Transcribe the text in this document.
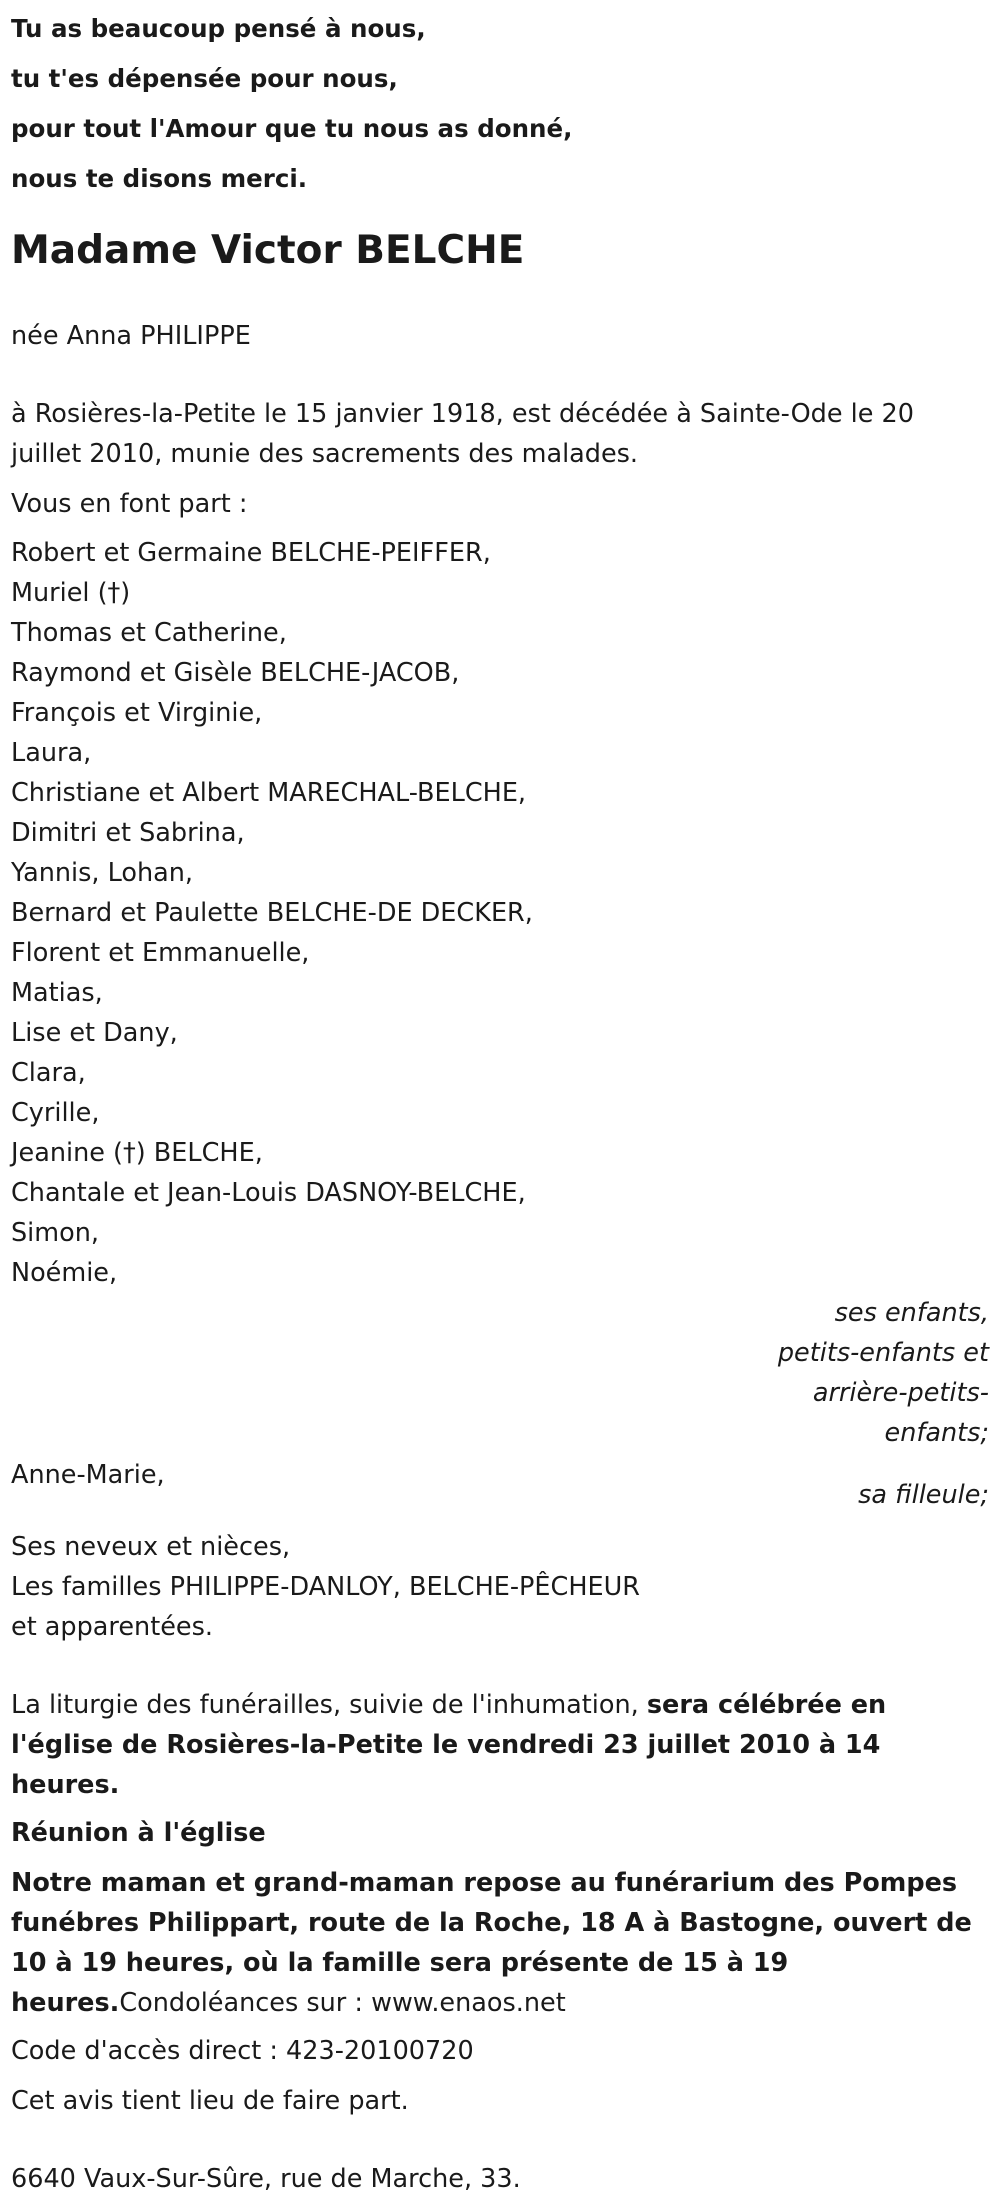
Tu as beaucoup pensé à nous,
tu t'es dépensée pour nous,
pour tout l'Amour que tu nous as donné,
nous te disons merci.
Madame Victor BELCHE

née Anna PHILIPPE

à Rosières-la-Petite le 15 janvier 1918, est décédée à Sainte-Ode le 20 juillet 2010, munie des sacrements des malades.

Vous en font part :

Robert et Germaine BELCHE-PEIFFER,
Muriel (†)
Thomas et Catherine,
Raymond et Gisèle BELCHE-JACOB,
François et Virginie,
Laura,
Christiane et Albert MARECHAL-BELCHE,
Dimitri et Sabrina,
Yannis, Lohan,
Bernard et Paulette BELCHE-DE DECKER,
Florent et Emmanuelle,
Matias,
Lise et Dany,
Clara,
Cyrille,
Jeanine (†) BELCHE,
Chantale et Jean-Louis DASNOY-BELCHE,
Simon,
Noémie,
ses enfants, petits-enfants et arrière-petits-enfants;
Anne-Marie,
sa filleule;
Ses neveux et nièces,
Les familles PHILIPPE-DANLOY, BELCHE-PÊCHEUR
et apparentées.

La liturgie des funérailles, suivie de l'inhumation, sera célébrée en l'église de Rosières-la-Petite le vendredi 23 juillet 2010 à 14 heures.

Réunion à l'église

Notre maman et grand-maman repose au funérarium des Pompes funébres Philippart, route de la Roche, 18 A à Bastogne, ouvert de 10 à 19 heures, où la famille sera présente de 15 à 19 heures.Condoléances sur : www.enaos.net

Code d'accès direct : 423-20100720

Cet avis tient lieu de faire part.

6640 Vaux-Sur-Sûre, rue de Marche, 33.
